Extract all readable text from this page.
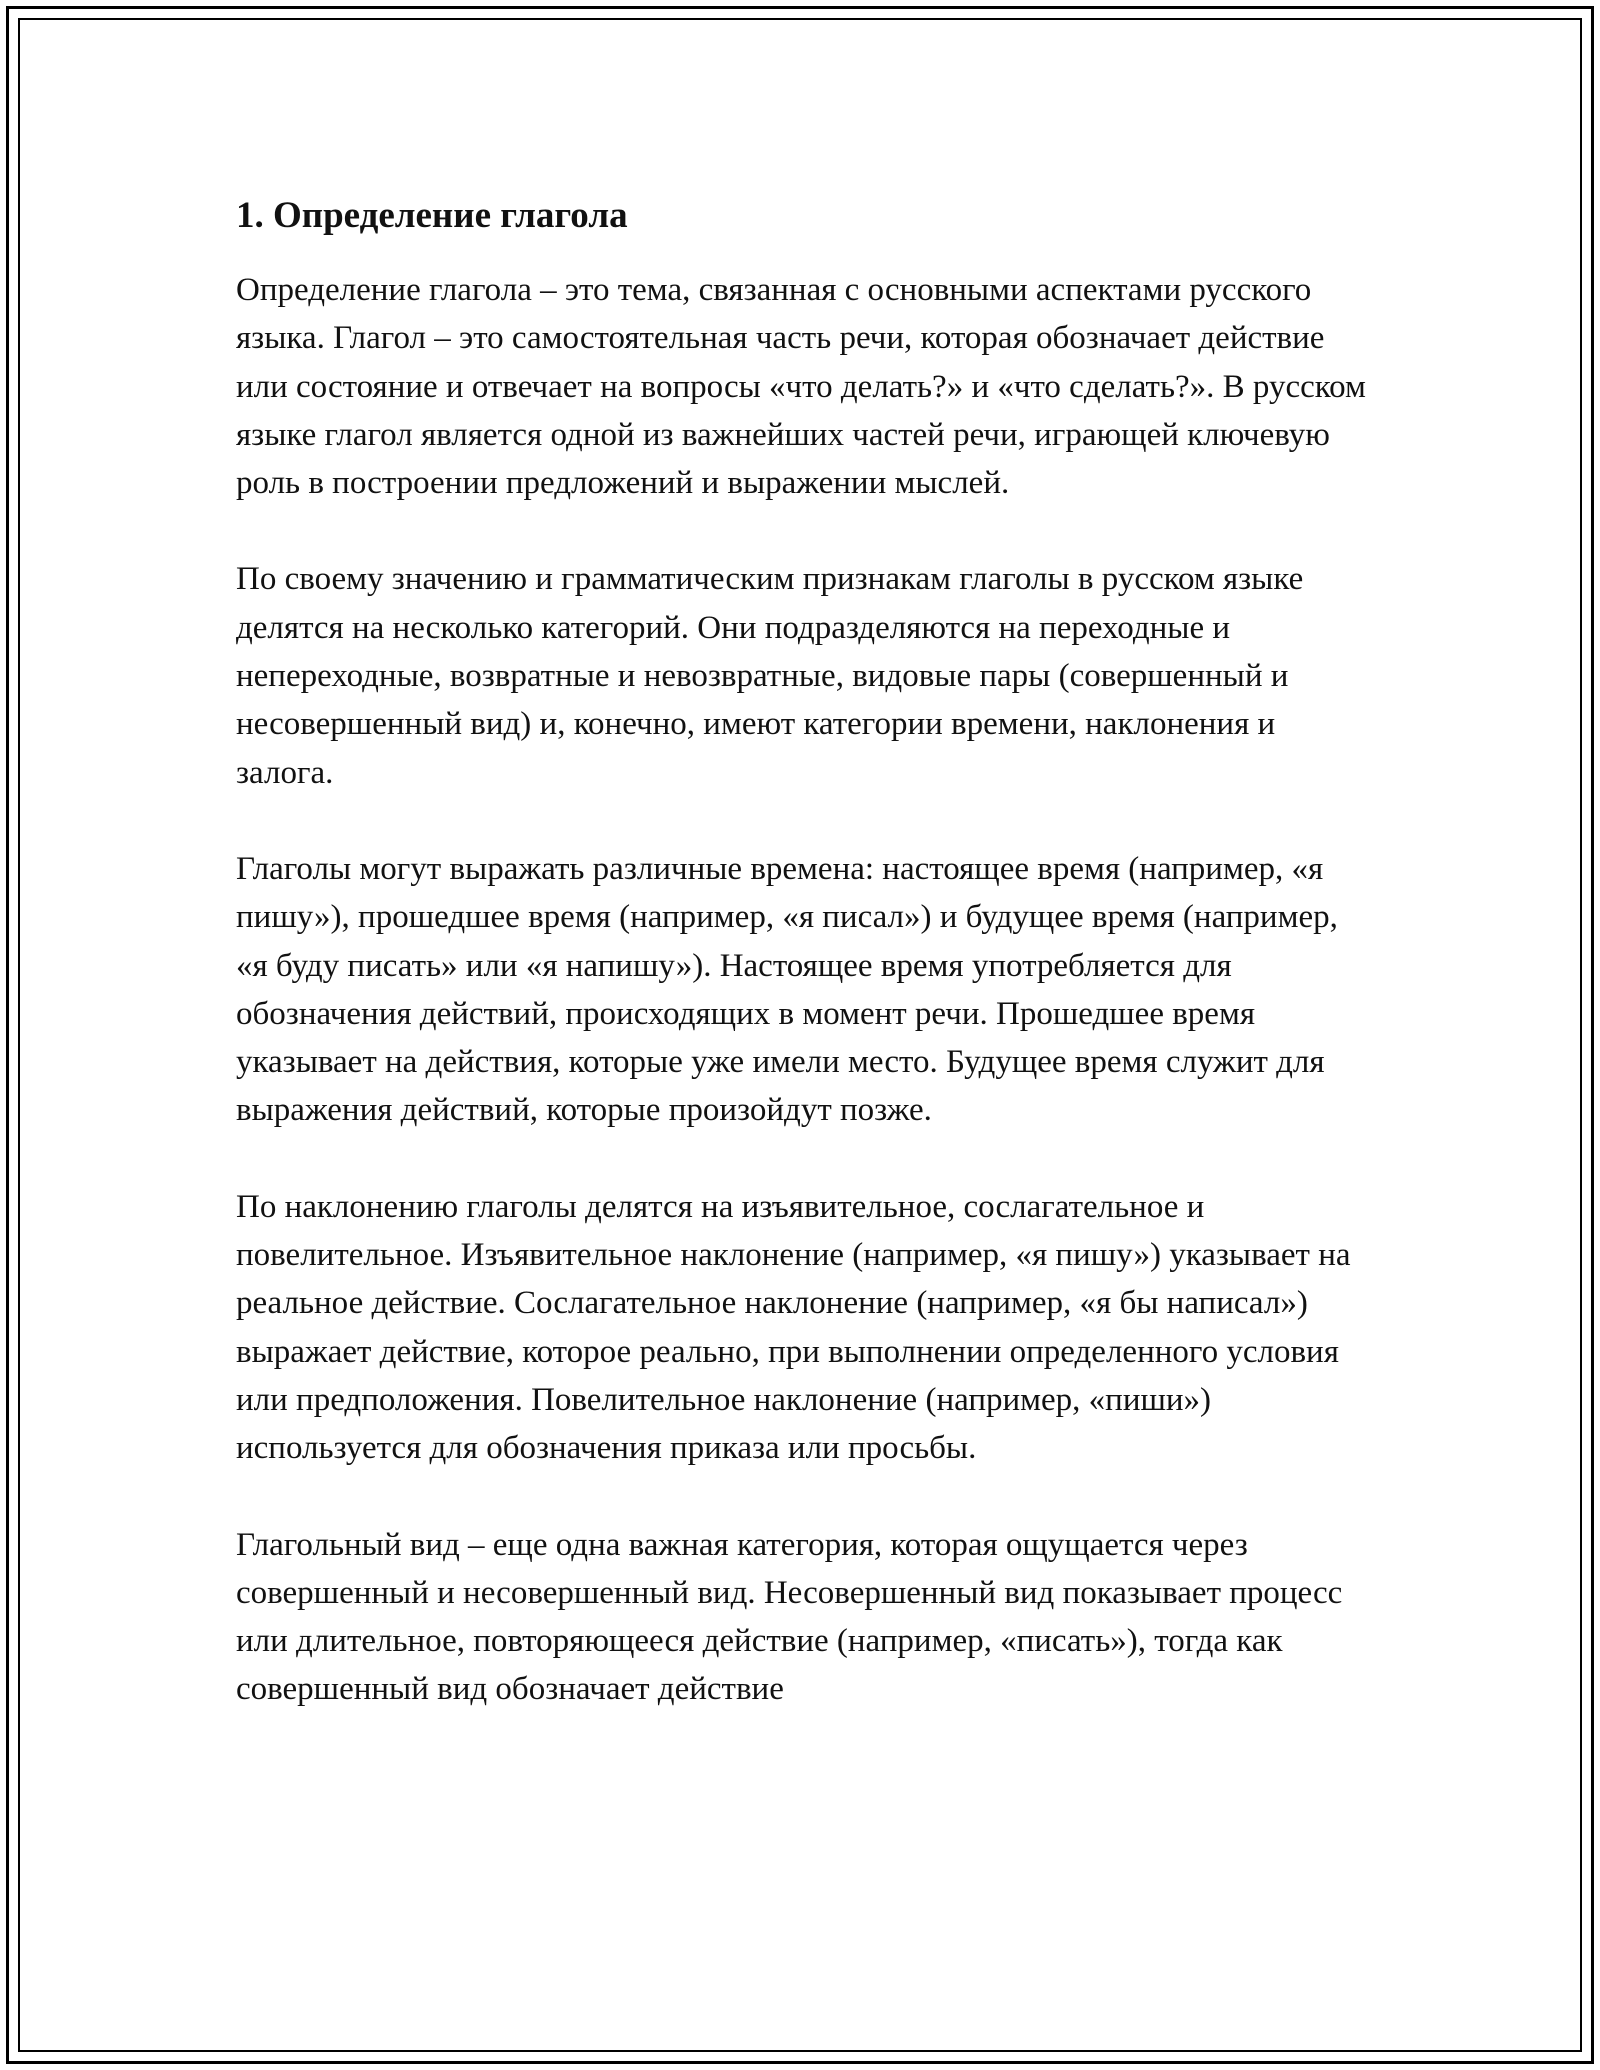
1. Определение глагола

Определение глагола – это тема, связанная с основными аспектами русского языка. Глагол – это самостоятельная часть речи, которая обозначает действие или состояние и отвечает на вопросы «что делать?» и «что сделать?». В русском языке глагол является одной из важнейших частей речи, играющей ключевую роль в построении предложений и выражении мыслей.

По своему значению и грамматическим признакам глаголы в русском языке делятся на несколько категорий. Они подразделяются на переходные и непереходные, возвратные и невозвратные, видовые пары (совершенный и несовершенный вид) и, конечно, имеют категории времени, наклонения и залога.

Глаголы могут выражать различные времена: настоящее время (например, «я пишу»), прошедшее время (например, «я писал») и будущее время (например, «я буду писать» или «я напишу»). Настоящее время употребляется для обозначения действий, происходящих в момент речи. Прошедшее время указывает на действия, которые уже имели место. Будущее время служит для выражения действий, которые произойдут позже.

По наклонению глаголы делятся на изъявительное, сослагательное и повелительное. Изъявительное наклонение (например, «я пишу») указывает на реальное действие. Сослагательное наклонение (например, «я бы написал») выражает действие, которое реально, при выполнении определенного условия или предположения. Повелительное наклонение (например, «пиши») используется для обозначения приказа или просьбы.

Глагольный вид – еще одна важная категория, которая ощущается через совершенный и несовершенный вид. Несовершенный вид показывает процесс или длительное, повторяющееся действие (например, «писать»), тогда как совершенный вид обозначает действие
